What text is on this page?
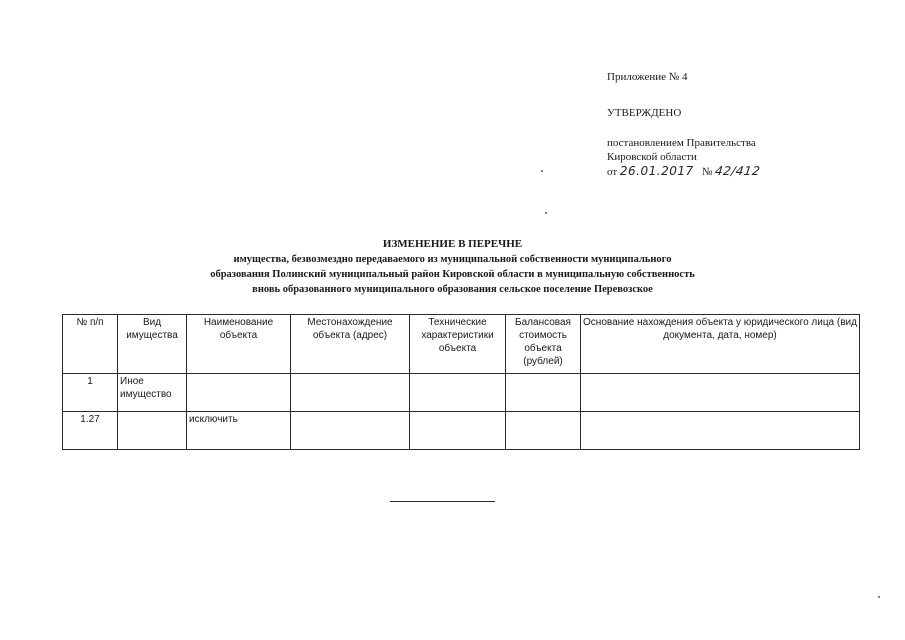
Приложение № 4
УТВЕРЖДЕНО
постановлением Правительства
Кировской области
от 26.01.2017 № 42/412
ИЗМЕНЕНИЕ В ПЕРЕЧНЕ
имущества, безвозмездно передаваемого из муниципальной собственности муниципального
образования Полинский муниципальный район Кировской области в муниципальную собственность
вновь образованного муниципального образования сельское поселение Перевозское
№ п/п	Вид имущества	Наименование объекта	Местонахождение объекта (адрес)	Технические характеристики объекта	Балансовая стоимость объекта (рублей)	Основание нахождения объекта у юридического лица (вид документа, дата, номер)
1	Иное имущество					
1.27		исключить				
